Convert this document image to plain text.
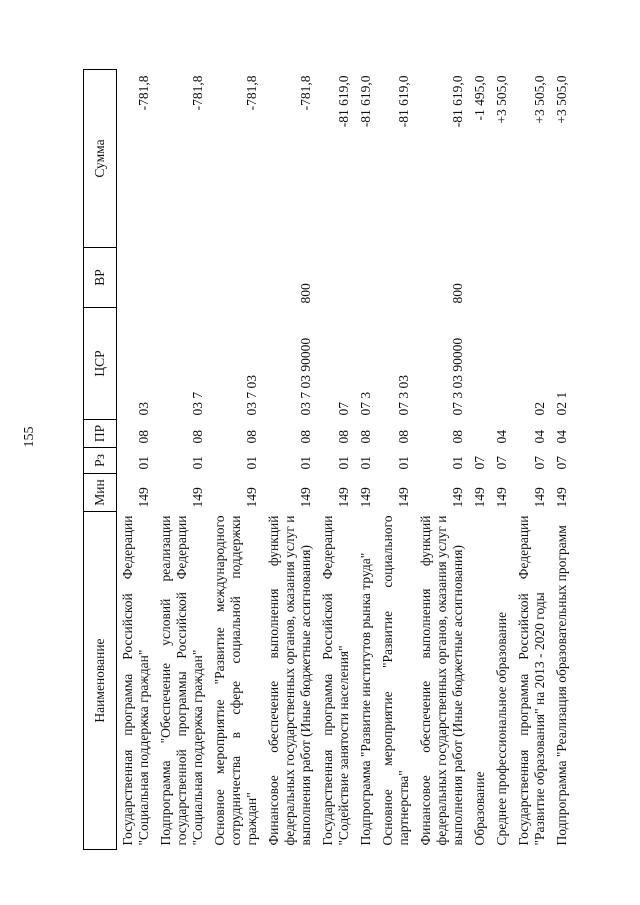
155
Наименование	Мин	Рз	ПР	ЦСР	ВР	Сумма
Государственная программа Российской Федерации "Социальная поддержка граждан"	149	01	08	03		-781,8
Подпрограмма "Обеспечение условий реализации государственной программы Российской Федерации "Социальная поддержка граждан"	149	01	08	03 7		-781,8
Основное мероприятие "Развитие международного сотрудничества в сфере социальной поддержки граждан"	149	01	08	03 7 03		-781,8
Финансовое обеспечение выполнения функций федеральных государственных органов, оказания услуг и выполнения работ (Иные бюджетные ассигнования)	149	01	08	03 7 03 90000	800	-781,8
Государственная программа Российской Федерации "Содействие занятости населения"	149	01	08	07		-81 619,0
Подпрограмма "Развитие институтов рынка труда"	149	01	08	07 3		-81 619,0
Основное мероприятие "Развитие социального партнерства"	149	01	08	07 3 03		-81 619,0
Финансовое обеспечение выполнения функций федеральных государственных органов, оказания услуг и выполнения работ (Иные бюджетные ассигнования)	149	01	08	07 3 03 90000	800	-81 619,0
Образование	149	07				-1 495,0
Среднее профессиональное образование	149	07	04			+3 505,0
Государственная программа Российской Федерации "Развитие образования" на 2013 - 2020 годы	149	07	04	02		+3 505,0
Подпрограмма "Реализация образовательных программ	149	07	04	02 1		+3 505,0
